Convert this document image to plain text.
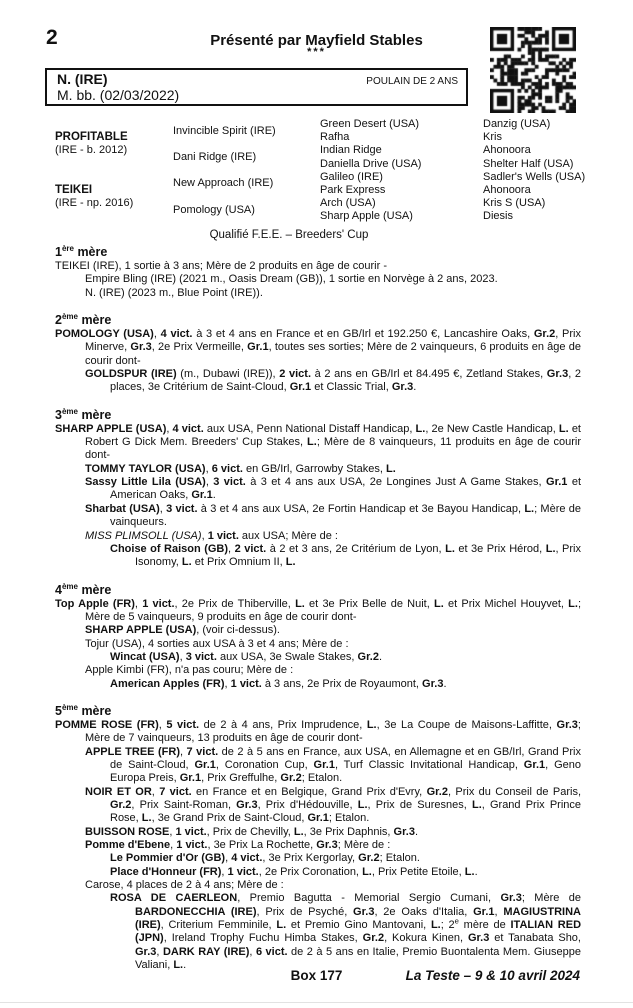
2	Présenté par Mayfield Stables
***
N. (IRE)
M. bb. (02/03/2022)
POULAIN DE 2 ANS
PROFITABLE
(IRE - b. 2012)
TEIKEI
(IRE - np. 2016)
Invincible Spirit (IRE)
Dani Ridge (IRE)
New Approach (IRE)
Pomology (USA)
Green Desert (USA)
Rafha
Indian Ridge
Daniella Drive (USA)
Galileo (IRE)
Park Express
Arch (USA)
Sharp Apple (USA)
Danzig (USA)
Kris
Ahonoora
Shelter Half (USA)
Sadler's Wells (USA)
Ahonoora
Kris S (USA)
Diesis
Qualifié F.E.E. – Breeders' Cup
1ère mère
TEIKEI (IRE), 1 sortie à 3 ans; Mère de 2 produits en âge de courir -
Empire Bling (IRE) (2021 m., Oasis Dream (GB)), 1 sortie en Norvège à 2 ans, 2023.
N. (IRE) (2023 m., Blue Point (IRE)).
2ème mère
POMOLOGY (USA), 4 vict. à 3 et 4 ans en France et en GB/Irl et 192.250 €, Lancashire Oaks, Gr.2, Prix Minerve, Gr.3, 2e Prix Vermeille, Gr.1, toutes ses sorties; Mère de 2 vainqueurs, 6 produits en âge de courir dont-
GOLDSPUR (IRE) (m., Dubawi (IRE)), 2 vict. à 2 ans en GB/Irl et 84.495 €, Zetland Stakes, Gr.3, 2 places, 3e Critérium de Saint-Cloud, Gr.1 et Classic Trial, Gr.3.
3ème mère
SHARP APPLE (USA), 4 vict. aux USA, Penn National Distaff Handicap, L., 2e New Castle Handicap, L. et Robert G Dick Mem. Breeders' Cup Stakes, L.; Mère de 8 vainqueurs, 11 produits en âge de courir dont-
TOMMY TAYLOR (USA), 6 vict. en GB/Irl, Garrowby Stakes, L.
Sassy Little Lila (USA), 3 vict. à 3 et 4 ans aux USA, 2e Longines Just A Game Stakes, Gr.1 et American Oaks, Gr.1.
Sharbat (USA), 3 vict. à 3 et 4 ans aux USA, 2e Fortin Handicap et 3e Bayou Handicap, L.; Mère de vainqueurs.
MISS PLIMSOLL (USA), 1 vict. aux USA; Mère de :
Choise of Raison (GB), 2 vict. à 2 et 3 ans, 2e Critérium de Lyon, L. et 3e Prix Hérod, L., Prix Isonomy, L. et Prix Omnium II, L.
4ème mère
Top Apple (FR), 1 vict., 2e Prix de Thiberville, L. et 3e Prix Belle de Nuit, L. et Prix Michel Houyvet, L.; Mère de 5 vainqueurs, 9 produits en âge de courir dont-
SHARP APPLE (USA), (voir ci-dessus).
Tojur (USA), 4 sorties aux USA à 3 et 4 ans; Mère de :
Wincat (USA), 3 vict. aux USA, 3e Swale Stakes, Gr.2.
Apple Kimbi (FR), n'a pas couru; Mère de :
American Apples (FR), 1 vict. à 3 ans, 2e Prix de Royaumont, Gr.3.
5ème mère
POMME ROSE (FR), 5 vict. de 2 à 4 ans, Prix Imprudence, L., 3e La Coupe de Maisons-Laffitte, Gr.3; Mère de 7 vainqueurs, 13 produits en âge de courir dont-
APPLE TREE (FR), 7 vict. de 2 à 5 ans en France, aux USA, en Allemagne et en GB/Irl, Grand Prix de Saint-Cloud, Gr.1, Coronation Cup, Gr.1, Turf Classic Invitational Handicap, Gr.1, Geno Europa Preis, Gr.1, Prix Greffulhe, Gr.2; Etalon.
NOIR ET OR, 7 vict. en France et en Belgique, Grand Prix d'Evry, Gr.2, Prix du Conseil de Paris, Gr.2, Prix Saint-Roman, Gr.3, Prix d'Hédouville, L., Prix de Suresnes, L., Grand Prix Prince Rose, L., 3e Grand Prix de Saint-Cloud, Gr.1; Etalon.
BUISSON ROSE, 1 vict., Prix de Chevilly, L., 3e Prix Daphnis, Gr.3.
Pomme d'Ebene, 1 vict., 3e Prix La Rochette, Gr.3; Mère de :
Le Pommier d'Or (GB), 4 vict., 3e Prix Kergorlay, Gr.2; Etalon.
Place d'Honneur (FR), 1 vict., 2e Prix Coronation, L., Prix Petite Etoile, L..
Carose, 4 places de 2 à 4 ans; Mère de :
ROSA DE CAERLEON, Premio Bagutta - Memorial Sergio Cumani, Gr.3; Mère de BARDONECCHIA (IRE), Prix de Psyché, Gr.3, 2e Oaks d'Italia, Gr.1, MAGIUSTRINA (IRE), Criterium Femminile, L. et Premio Gino Mantovani, L.; 2e mère de ITALIAN RED (JPN), Ireland Trophy Fuchu Himba Stakes, Gr.2, Kokura Kinen, Gr.3 et Tanabata Sho, Gr.3, DARK RAY (IRE), 6 vict. de 2 à 5 ans en Italie, Premio Buontalenta Mem. Giuseppe Valiani, L..
Box 177	La Teste – 9 & 10 avril 2024
